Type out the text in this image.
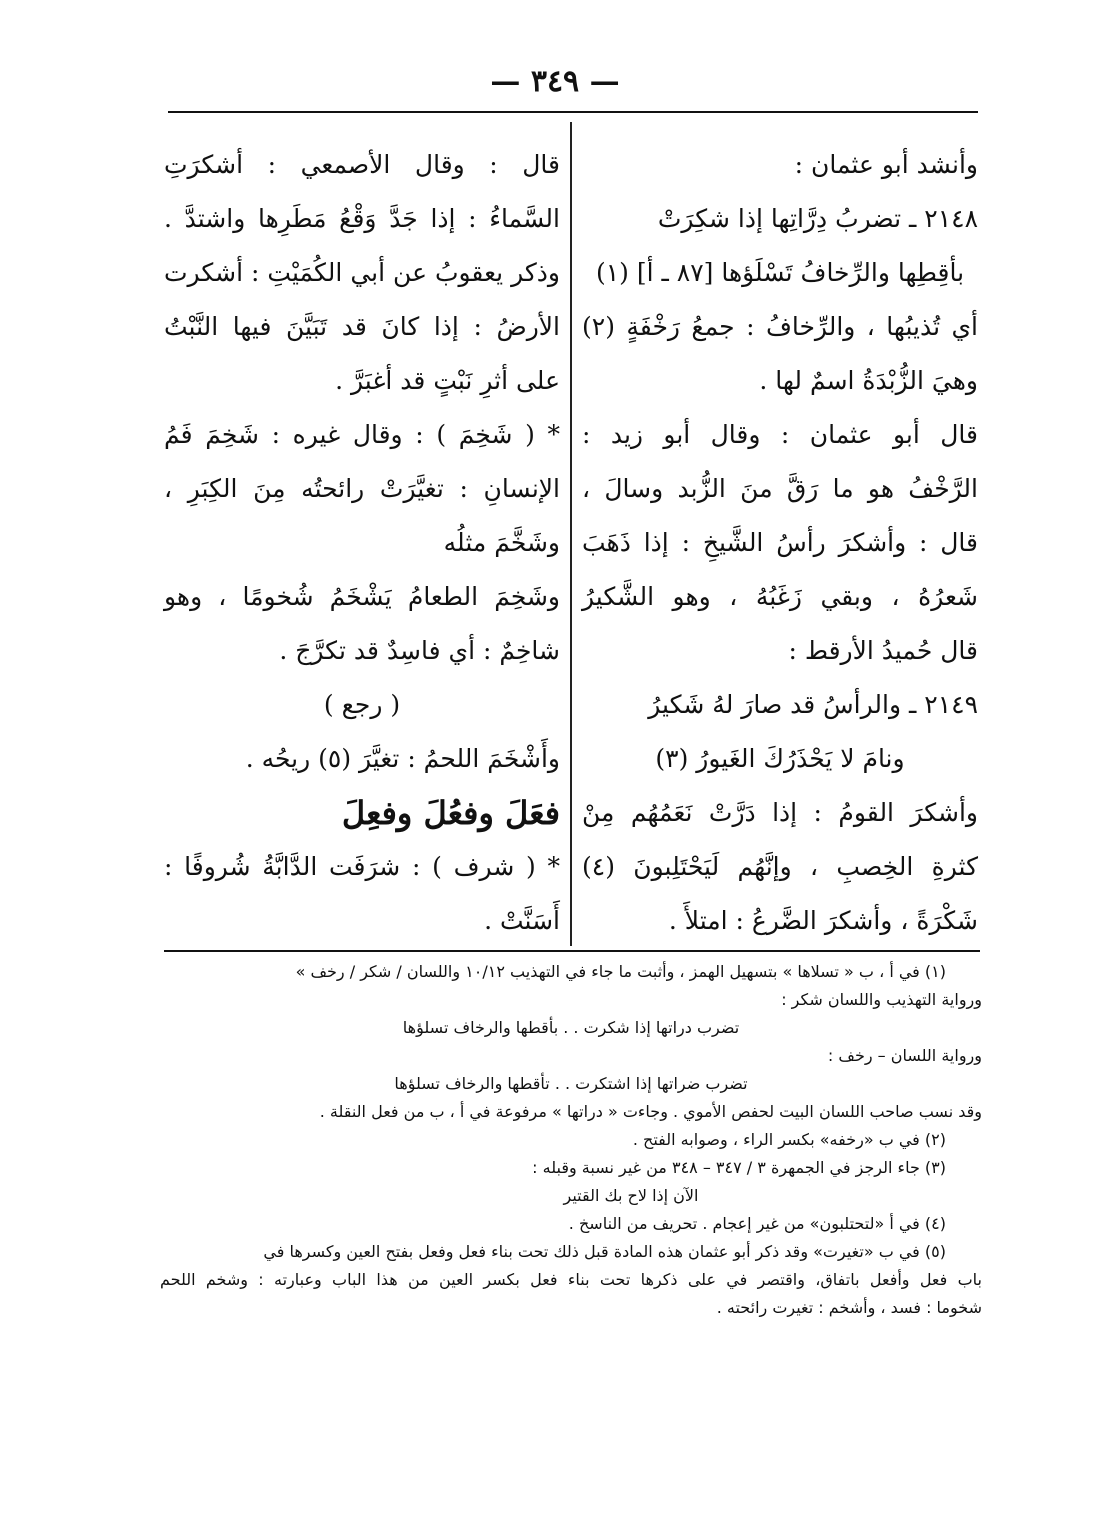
— ٣٤٩ —
وأنشد أبو عثمان :
٢١٤٨ ـ تضربُ دِرَّاتِها إذا شكِرَتْ
بأقِطِها والرِّخافُ تَسْلَؤها [٨٧ ـ أ] (١)
أي تُذيبُها ، والرِّخافُ : جمعُ رَخْفَةٍ (٢)
وهيَ الزُّبْدَةُ اسمٌ لها .
قال أبو عثمان : وقال أبو زيد :
الرَّخْفُ هو ما رَقَّ منَ الزُّبد وسالَ ،
قال : وأشكرَ رأسُ الشَّيخِ : إذا ذَهَبَ
شَعرُهُ ، وبقي زَغَبُهُ ، وهو الشَّكيرُ
قال حُميدُ الأرقط :
٢١٤٩ ـ والرأسُ قد صارَ لهُ شَكيرُ
ونامَ لا يَحْذَرُكَ الغَيورُ (٣)
وأشكرَ القومُ : إذا دَرَّتْ نَعَمُهُم مِنْ
كثرةِ الخِصبِ ، وإنَّهُم لَيَحْتَلِبونَ (٤)
شَكْرَةً ، وأشكرَ الضَّرعُ : امتلأَ .
قال : وقال الأصمعي : أشكرَتِ
السَّماءُ : إذا جَدَّ وَقْعُ مَطَرِها واشتدَّ .
وذكر يعقوبُ عن أبي الكُمَيْتِ : أشكرت
الأرضُ : إذا كانَ قد تَبَيَّنَ فيها النَّبْتُ
على أثرِ نَبْتٍ قد أغبَرَّ .
* ( شَخِمَ ) : وقال غيره : شَخِمَ فَمُ
الإنسانِ : تغيَّرَتْ رائحتُه مِنَ الكِبَرِ ،
وشَخَّمَ مثلُه
وشَخِمَ الطعامُ يَشْخَمُ شُخومًا ، وهو
شاخِمٌ : أي فاسِدٌ قد تكرَّجَ .
( رجع )
وأَشْخَمَ اللحمُ : تغيَّرَ (٥) ريحُه .
فعَلَ وفعُلَ وفعِلَ
* ( شرف ) : شرَفَت الدَّابَّةُ شُروفًا :
أَسَنَّتْ .
(١) في أ ، ب « تسلاها » بتسهيل الهمز ، وأثبت ما جاء في التهذيب ١٠/١٢ واللسان / شكر / رخف »
ورواية التهذيب واللسان شكر :
تضرب دراتها إذا شكرت . . بأقطها والرخاف تسلؤها
ورواية اللسان – رخف :
تضرب ضراتها إذا اشتكرت . . تأقطها والرخاف تسلؤها
وقد نسب صاحب اللسان البيت لحفص الأموي . وجاءت « دراتها » مرفوعة في أ ، ب من فعل النقلة .
(٢) في ب «رخفه» بكسر الراء ، وصوابه الفتح .
(٣) جاء الرجز في الجمهرة ٣ / ٣٤٧ – ٣٤٨ من غير نسبة وقبله :
الآن إذا لاح بك القتير
(٤) في أ «لتحتلبون» من غير إعجام . تحريف من الناسخ .
(٥) في ب «تغيرت» وقد ذكر أبو عثمان هذه المادة قبل ذلك تحت بناء فعل وفعل بفتح العين وكسرها في
باب فعل وأفعل باتفاق، واقتصر في على ذكرها تحت بناء فعل بكسر العين من هذا الباب وعبارته : وشخم اللحم
شخوما : فسد ، وأشخم : تغيرت رائحته .
